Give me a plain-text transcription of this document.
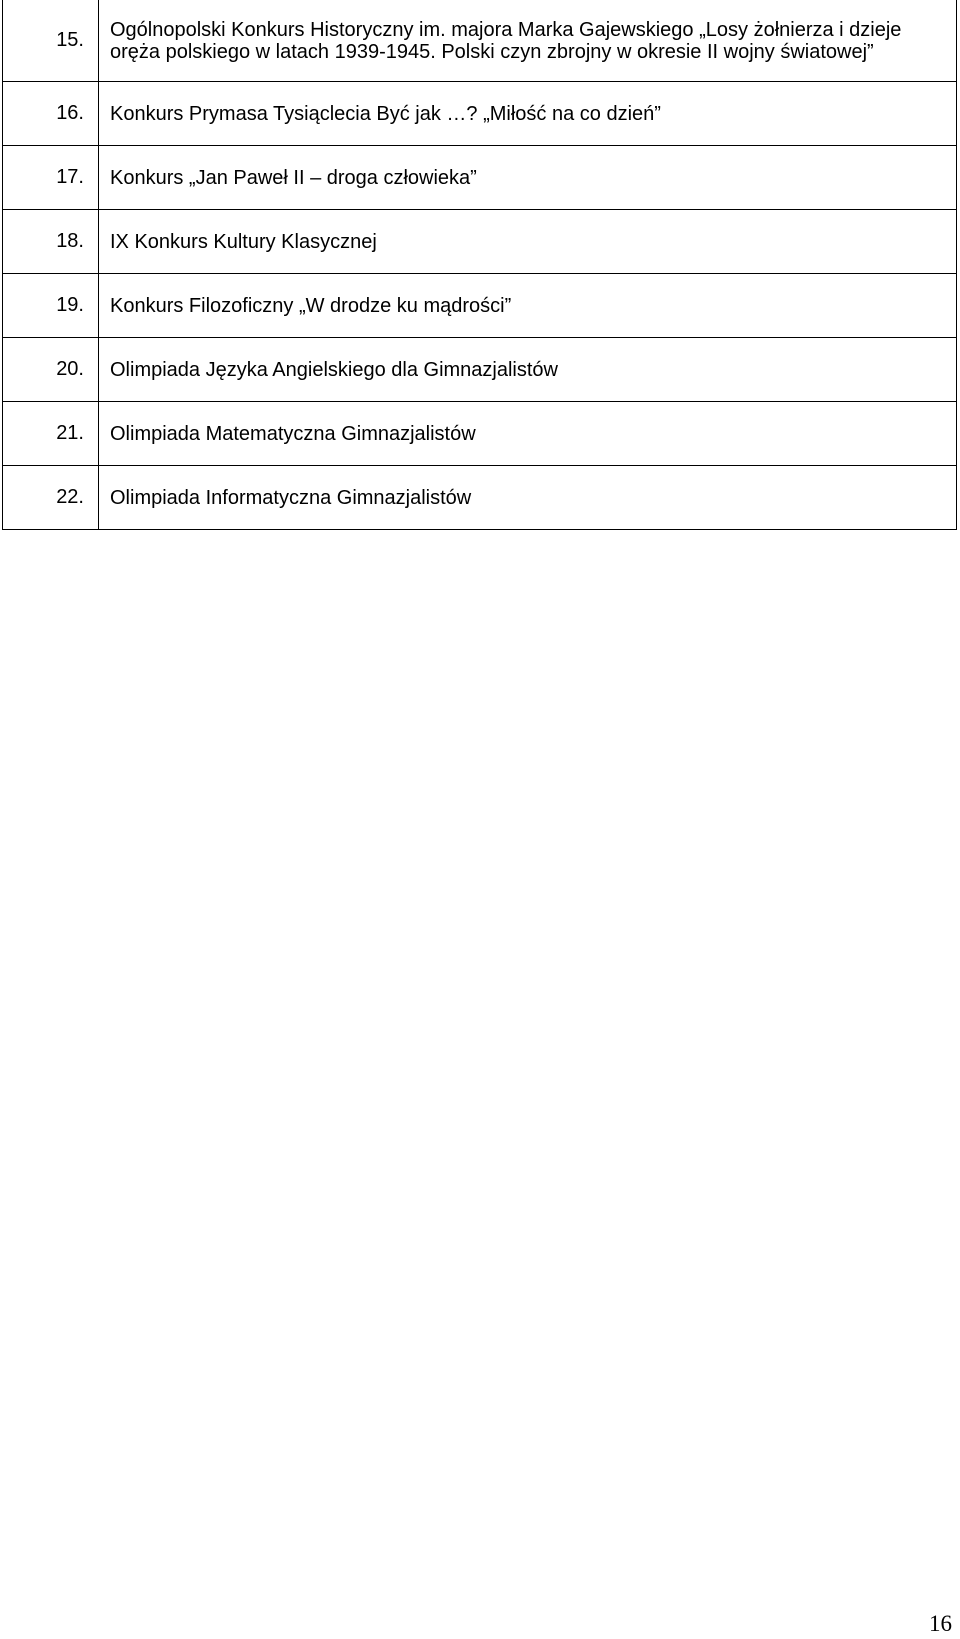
15.	Ogólnopolski Konkurs Historyczny im. majora Marka Gajewskiego „Losy żołnierza i dzieje oręża polskiego w latach 1939-1945. Polski czyn zbrojny w okresie II wojny światowej”
16.	Konkurs Prymasa Tysiąclecia Być jak …? „Miłość na co dzień”
17.	Konkurs „Jan Paweł II – droga człowieka”
18.	IX Konkurs Kultury Klasycznej
19.	Konkurs Filozoficzny „W drodze ku mądrości”
20.	Olimpiada Języka Angielskiego dla Gimnazjalistów
21.	Olimpiada Matematyczna Gimnazjalistów
22.	Olimpiada Informatyczna Gimnazjalistów
16
